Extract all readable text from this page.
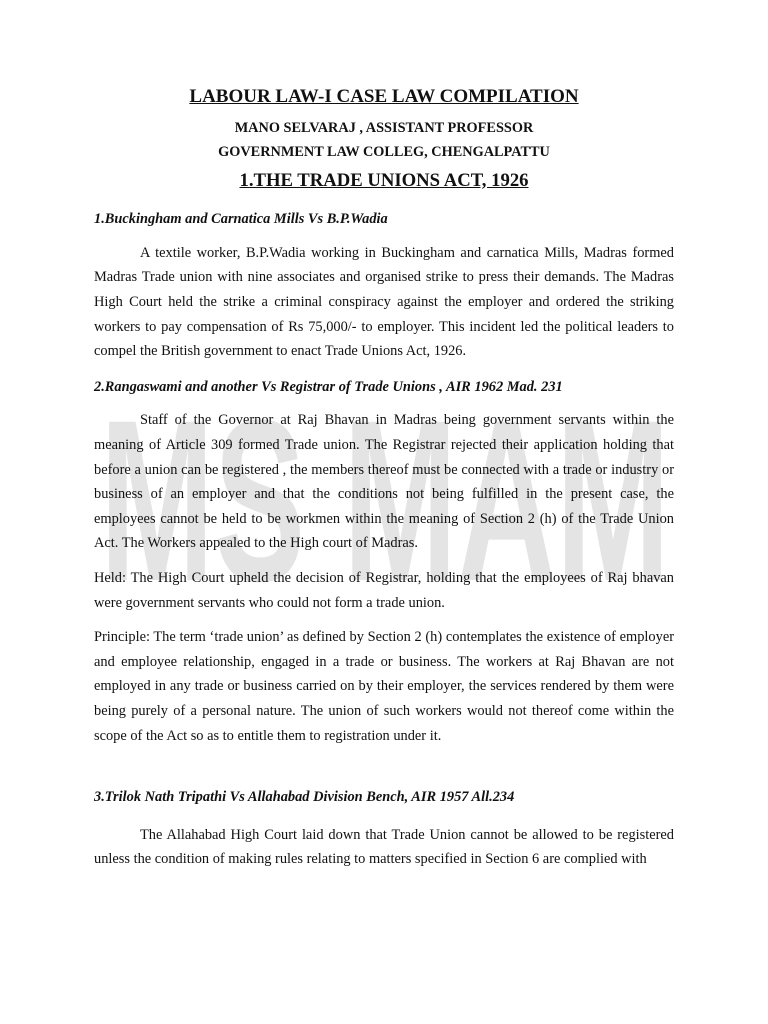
MS MAM
LABOUR LAW-I CASE LAW COMPILATION
MANO SELVARAJ , ASSISTANT PROFESSOR
GOVERNMENT LAW COLLEG, CHENGALPATTU
1.THE TRADE UNIONS ACT, 1926
1.Buckingham and Carnatica Mills Vs B.P.Wadia

A textile worker, B.P.Wadia working in Buckingham and carnatica Mills, Madras formed Madras Trade union with nine associates and organised strike to press their demands. The Madras High Court held the strike a criminal conspiracy against the employer and ordered the striking workers to pay compensation of Rs 75,000/- to employer. This incident led the political leaders to compel the British government to enact Trade Unions Act, 1926.

2.Rangaswami and another Vs Registrar of Trade Unions , AIR 1962 Mad. 231

Staff of the Governor at Raj Bhavan in Madras being government servants within the meaning of Article 309 formed Trade union. The Registrar rejected their application holding that before a union can be registered , the members thereof must be connected with a trade or industry or business of an employer and that the conditions not being fulfilled in the present case, the employees cannot be held to be workmen within the meaning of Section 2 (h) of the Trade Union Act. The Workers appealed to the High court of Madras.

Held: The High Court upheld the decision of Registrar, holding that the employees of Raj bhavan were government servants who could not form a trade union.

Principle: The term ‘trade union’ as defined by Section 2 (h) contemplates the existence of employer and employee relationship, engaged in a trade or business. The workers at Raj Bhavan are not employed in any trade or business carried on by their employer, the services rendered by them were being purely of a personal nature. The union of such workers would not thereof come within the scope of the Act so as to entitle them to registration under it.

3.Trilok Nath Tripathi Vs Allahabad Division Bench, AIR 1957 All.234

The Allahabad High Court laid down that Trade Union cannot be allowed to be registered unless the condition of making rules relating to matters specified in Section 6 are complied with
